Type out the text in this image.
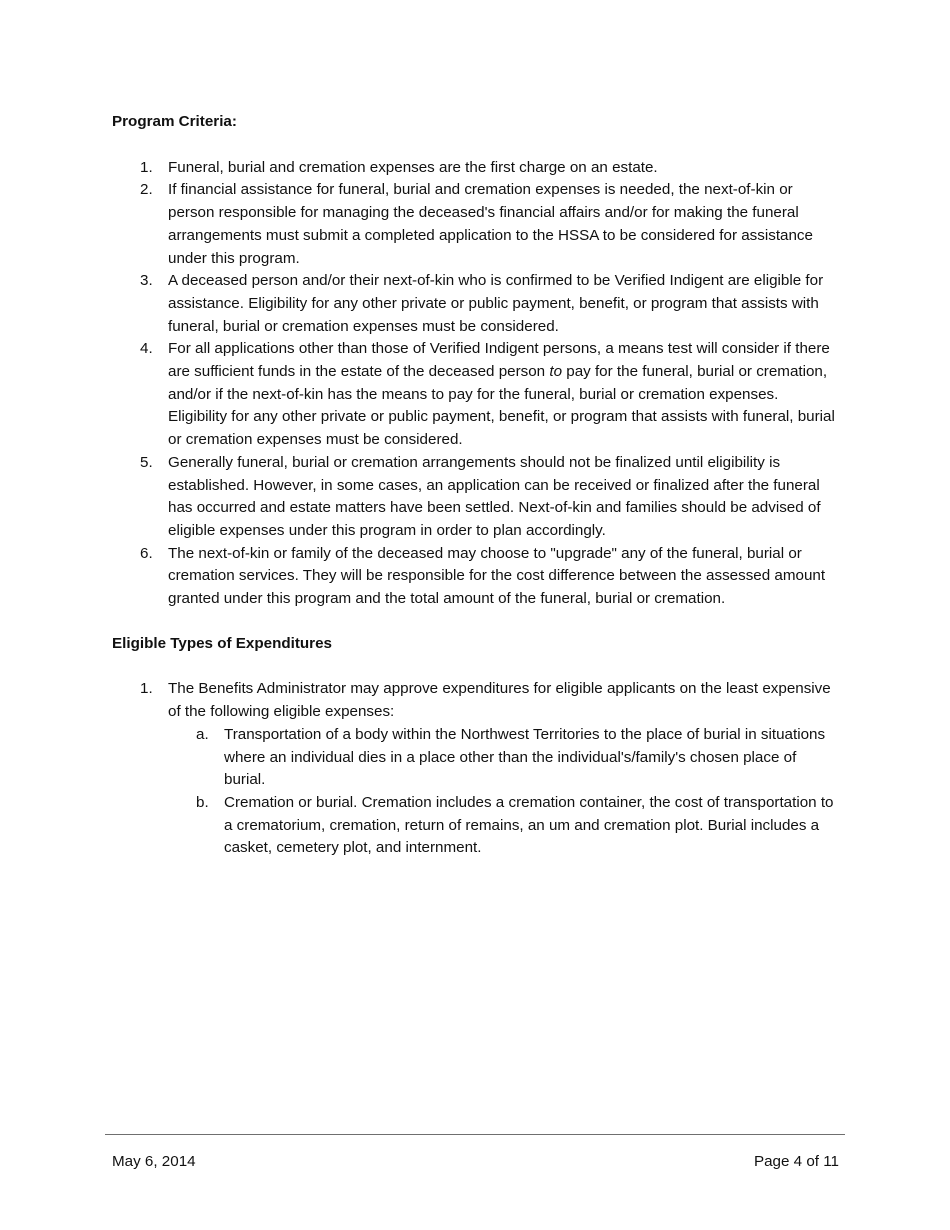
Program Criteria:

1. Funeral, burial and cremation expenses are the first charge on an estate.
2. If financial assistance for funeral, burial and cremation expenses is needed, the next-of-kin or person responsible for managing the deceased's financial affairs and/or for making the funeral arrangements must submit a completed application to the HSSA to be considered for assistance under this program.
3. A deceased person and/or their next-of-kin who is confirmed to be Verified Indigent are eligible for assistance. Eligibility for any other private or public payment, benefit, or program that assists with funeral, burial or cremation expenses must be considered.
4. For all applications other than those of Verified Indigent persons, a means test will consider if there are sufficient funds in the estate of the deceased person to pay for the funeral, burial or cremation, and/or if the next-of-kin has the means to pay for the funeral, burial or cremation expenses. Eligibility for any other private or public payment, benefit, or program that assists with funeral, burial or cremation expenses must be considered.
5. Generally funeral, burial or cremation arrangements should not be finalized until eligibility is established. However, in some cases, an application can be received or finalized after the funeral has occurred and estate matters have been settled. Next-of-kin and families should be advised of eligible expenses under this program in order to plan accordingly.
6. The next-of-kin or family of the deceased may choose to "upgrade" any of the funeral, burial or cremation services. They will be responsible for the cost difference between the assessed amount granted under this program and the total amount of the funeral, burial or cremation.

Eligible Types of Expenditures

1. The Benefits Administrator may approve expenditures for eligible applicants on the least expensive of the following eligible expenses:
a. Transportation of a body within the Northwest Territories to the place of burial in situations where an individual dies in a place other than the individual's/family's chosen place of burial.
b. Cremation or burial. Cremation includes a cremation container, the cost of transportation to a crematorium, cremation, return of remains, an um and cremation plot. Burial includes a casket, cemetery plot, and internment.
May 6, 2014	Page 4 of 11
